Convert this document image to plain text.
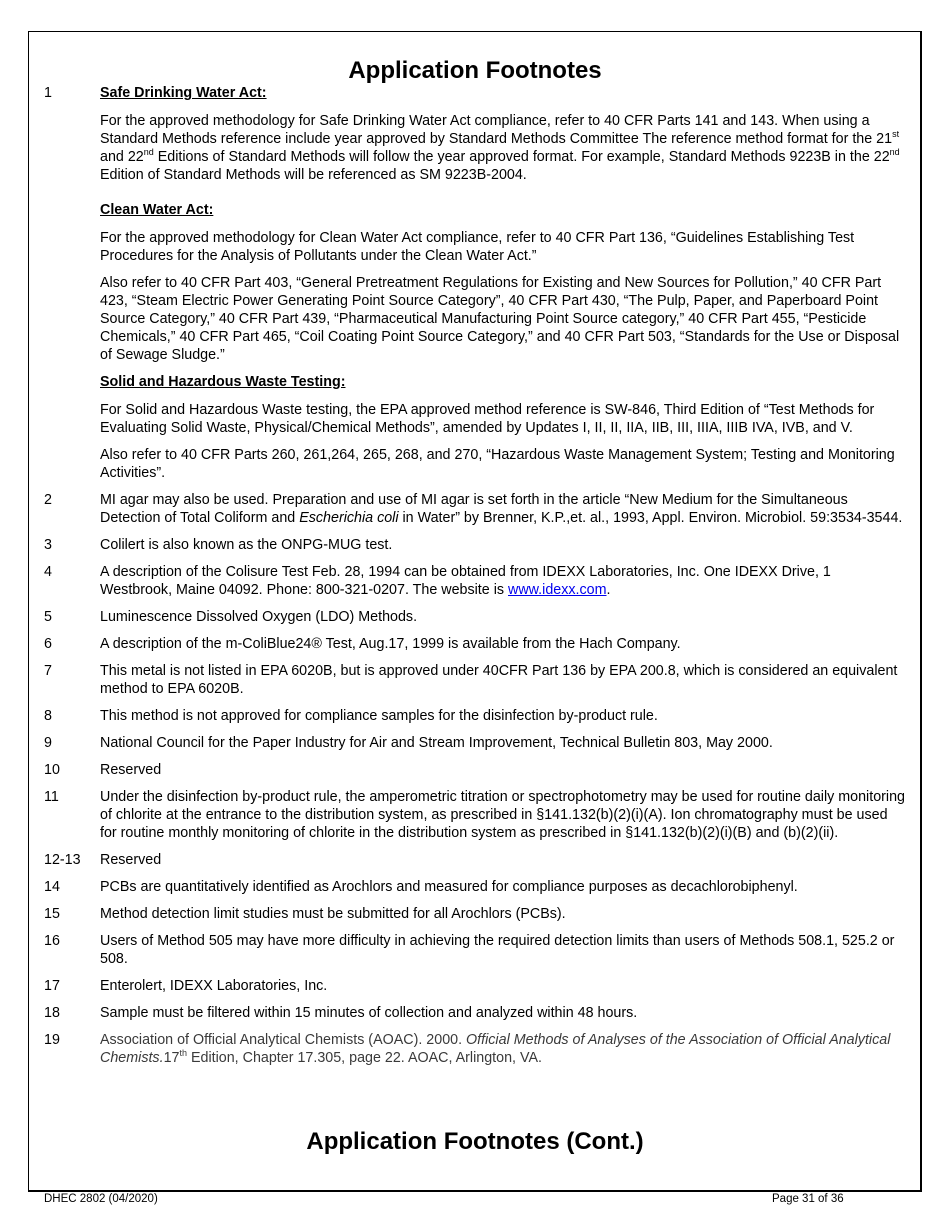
Application Footnotes
1	Safe Drinking Water Act:

For the approved methodology for Safe Drinking Water Act compliance, refer to 40 CFR Parts 141 and 143. When using a Standard Methods reference include year approved by Standard Methods Committee The reference method format for the 21st and 22nd Editions of Standard Methods will follow the year approved format. For example, Standard Methods 9223B in the 22nd Edition of Standard Methods will be referenced as SM 9223B-2004.

Clean Water Act:

For the approved methodology for Clean Water Act compliance, refer to 40 CFR Part 136, “Guidelines Establishing Test Procedures for the Analysis of Pollutants under the Clean Water Act.”

Also refer to 40 CFR Part 403, “General Pretreatment Regulations for Existing and New Sources for Pollution,” 40 CFR Part 423, “Steam Electric Power Generating Point Source Category”, 40 CFR Part 430, “The Pulp, Paper, and Paperboard Point Source Category,” 40 CFR Part 439, “Pharmaceutical Manufacturing Point Source category,” 40 CFR Part 455, “Pesticide Chemicals,” 40 CFR Part 465, “Coil Coating Point Source Category,” and 40 CFR Part 503, “Standards for the Use or Disposal of Sewage Sludge.”

Solid and Hazardous Waste Testing:

For Solid and Hazardous Waste testing, the EPA approved method reference is SW-846, Third Edition of “Test Methods for Evaluating Solid Waste, Physical/Chemical Methods”, amended by Updates I, II, II, IIA, IIB, III, IIIA, IIIB IVA, IVB, and V.

Also refer to 40 CFR Parts 260, 261,264, 265, 268, and 270, “Hazardous Waste Management System; Testing and Monitoring Activities”.

2	MI agar may also be used. Preparation and use of MI agar is set forth in the article “New Medium for the Simultaneous Detection of Total Coliform and Escherichia coli in Water” by Brenner, K.P.,et. al., 1993, Appl. Environ. Microbiol. 59:3534-3544.
3	Colilert is also known as the ONPG-MUG test.
4	A description of the Colisure Test Feb. 28, 1994 can be obtained from IDEXX Laboratories, Inc. One IDEXX Drive, 1 Westbrook, Maine 04092. Phone: 800-321-0207. The website is www.idexx.com.
5	Luminescence Dissolved Oxygen (LDO) Methods.
6	A description of the m-ColiBlue24® Test, Aug.17, 1999 is available from the Hach Company.
7	This metal is not listed in EPA 6020B, but is approved under 40CFR Part 136 by EPA 200.8, which is considered an equivalent method to EPA 6020B.
8	This method is not approved for compliance samples for the disinfection by-product rule.
9	National Council for the Paper Industry for Air and Stream Improvement, Technical Bulletin 803, May 2000.
10	Reserved
11	Under the disinfection by-product rule, the amperometric titration or spectrophotometry may be used for routine daily monitoring of chlorite at the entrance to the distribution system, as prescribed in §141.132(b)(2)(i)(A). Ion chromatography must be used for routine monthly monitoring of chlorite in the distribution system as prescribed in §141.132(b)(2)(i)(B) and (b)(2)(ii).
12-13	Reserved
14	PCBs are quantitatively identified as Arochlors and measured for compliance purposes as decachlorobiphenyl.
15	Method detection limit studies must be submitted for all Arochlors (PCBs).
16	Users of Method 505 may have more difficulty in achieving the required detection limits than users of Methods 508.1, 525.2 or 508.
17	Enterolert, IDEXX Laboratories, Inc.
18	Sample must be filtered within 15 minutes of collection and analyzed within 48 hours.
19	Association of Official Analytical Chemists (AOAC). 2000. Official Methods of Analyses of the Association of Official Analytical Chemists.17th Edition, Chapter 17.305, page 22. AOAC, Arlington, VA.
Application Footnotes (Cont.)
DHEC 2802 (04/2020)	Page 31 of 36
